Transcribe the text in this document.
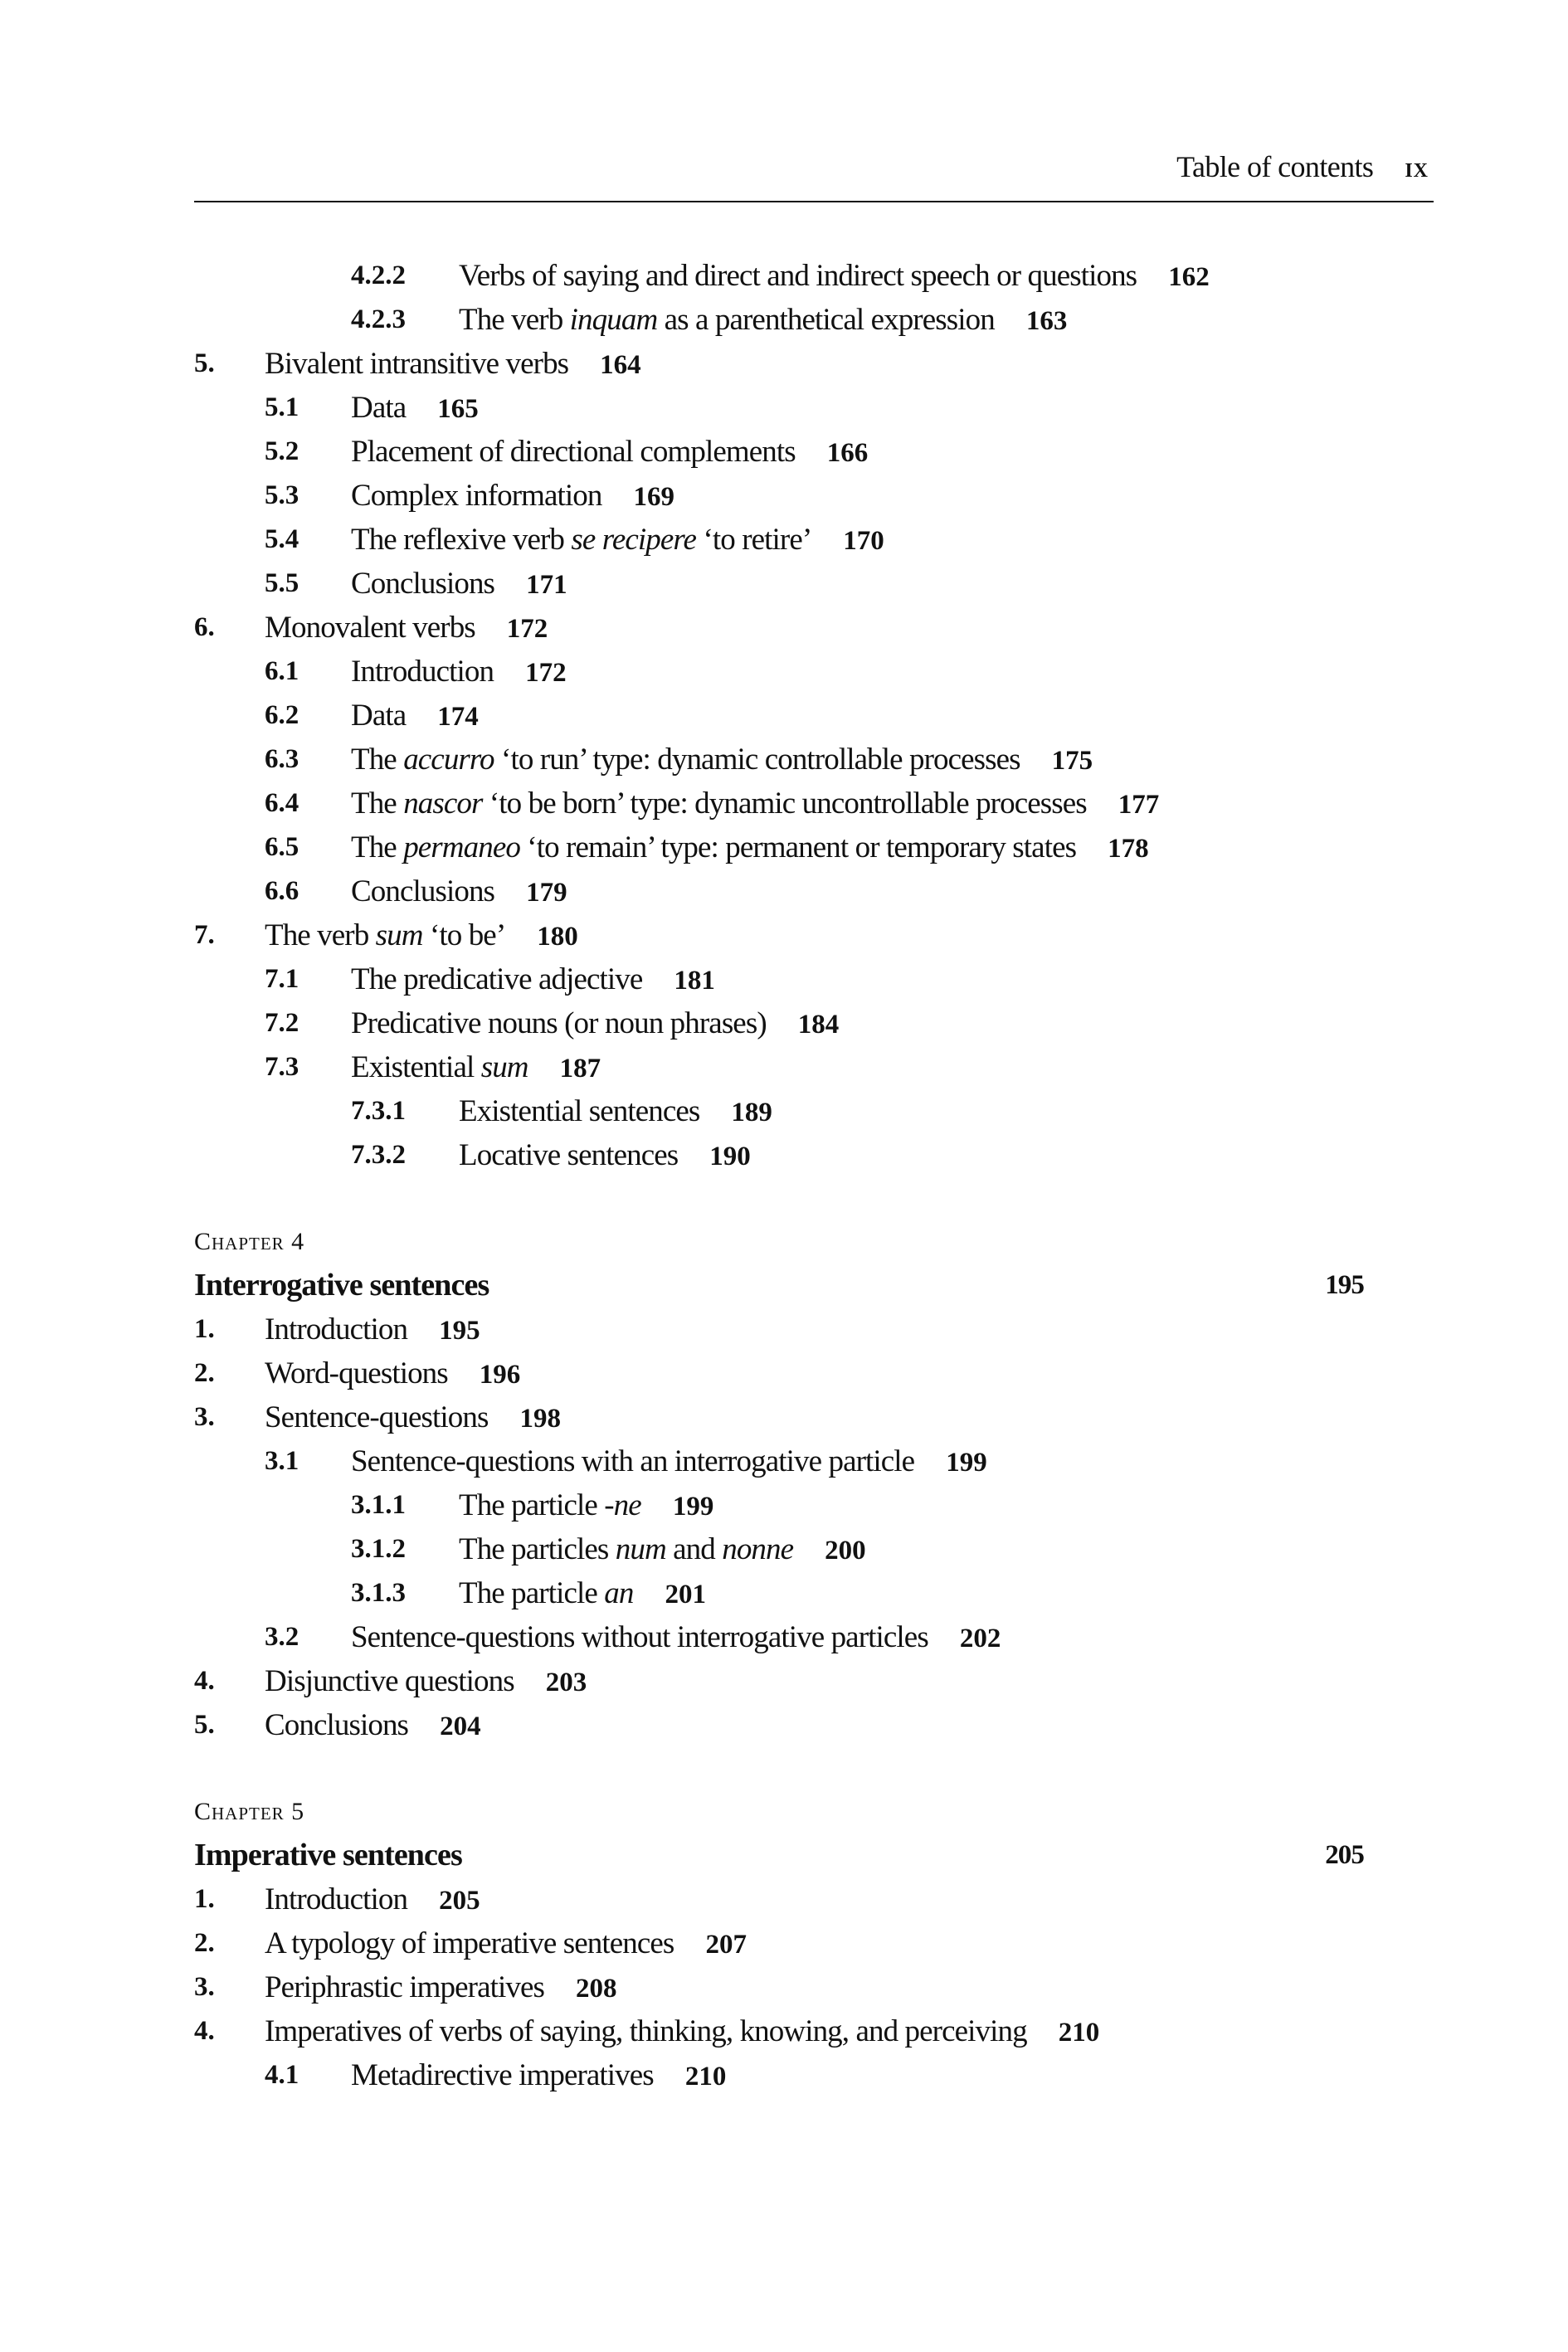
Table of contents ix
4.2.2 Verbs of saying and direct and indirect speech or questions 162
4.2.3 The verb inquam as a parenthetical expression 163
5. Bivalent intransitive verbs 164
5.1 Data 165
5.2 Placement of directional complements 166
5.3 Complex information 169
5.4 The reflexive verb se recipere ‘to retire’ 170
5.5 Conclusions 171
6. Monovalent verbs 172
6.1 Introduction 172
6.2 Data 174
6.3 The accurro ‘to run’ type: dynamic controllable processes 175
6.4 The nascor ‘to be born’ type: dynamic uncontrollable processes 177
6.5 The permaneo ‘to remain’ type: permanent or temporary states 178
6.6 Conclusions 179
7. The verb sum ‘to be’ 180
7.1 The predicative adjective 181
7.2 Predicative nouns (or noun phrases) 184
7.3 Existential sum 187
7.3.1 Existential sentences 189
7.3.2 Locative sentences 190
Chapter 4
Interrogative sentences	195
1. Introduction 195
2. Word-questions 196
3. Sentence-questions 198
3.1 Sentence-questions with an interrogative particle 199
3.1.1 The particle -ne 199
3.1.2 The particles num and nonne 200
3.1.3 The particle an 201
3.2 Sentence-questions without interrogative particles 202
4. Disjunctive questions 203
5. Conclusions 204
Chapter 5
Imperative sentences	205
1. Introduction 205
2. A typology of imperative sentences 207
3. Periphrastic imperatives 208
4. Imperatives of verbs of saying, thinking, knowing, and perceiving 210
4.1 Metadirective imperatives 210
